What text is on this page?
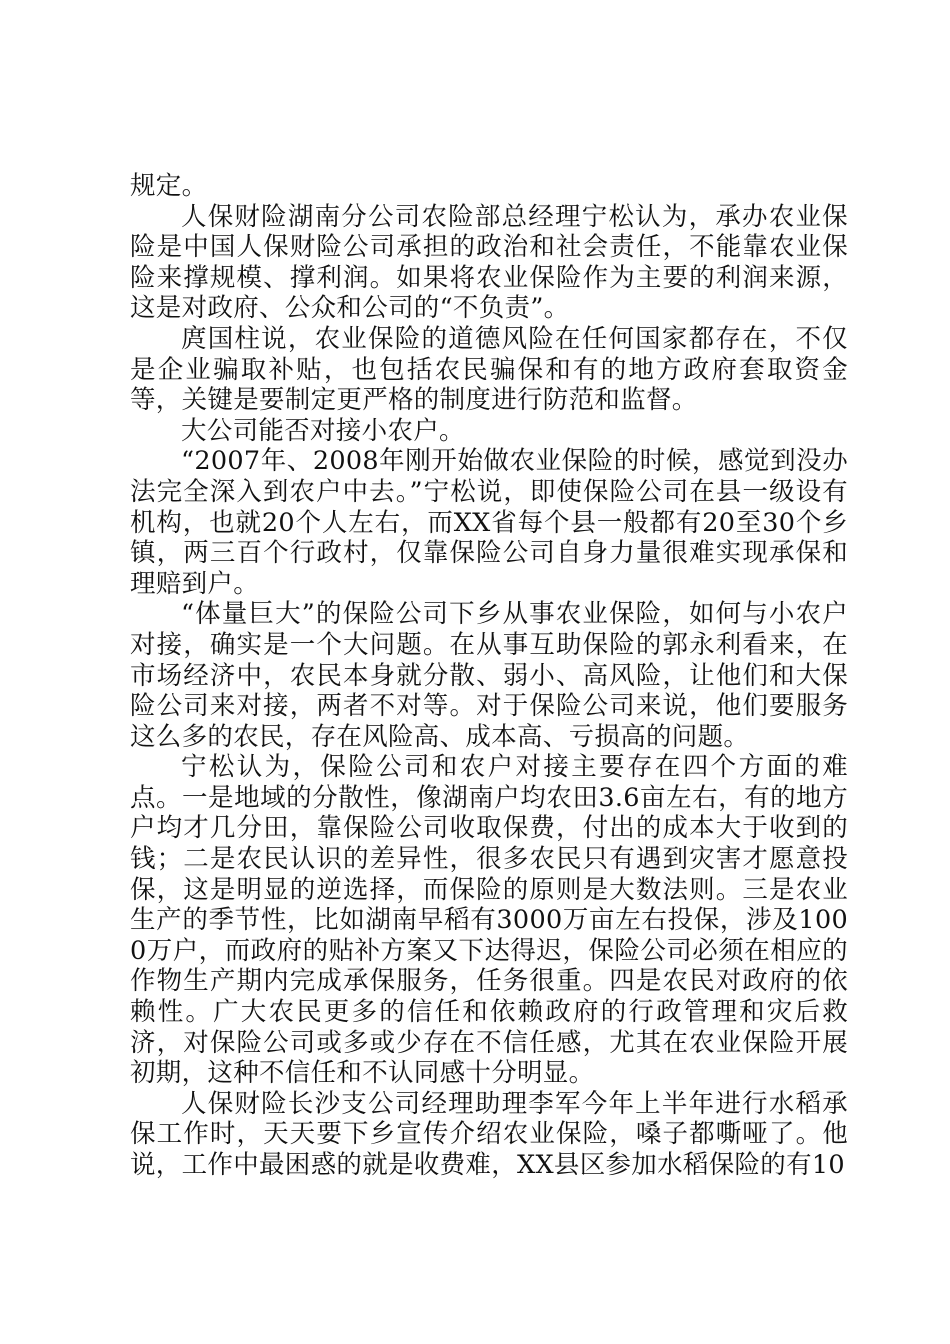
规定。

人保财险湖南分公司农险部总经理宁松认为，承办农业保险是中国人保财险公司承担的政治和社会责任，不能靠农业保险来撑规模、撑利润。如果将农业保险作为主要的利润来源，这是对政府、公众和公司的“不负责”。

庹国柱说，农业保险的道德风险在任何国家都存在，不仅是企业骗取补贴，也包括农民骗保和有的地方政府套取资金等，关键是要制定更严格的制度进行防范和监督。

大公司能否对接小农户。

“2007年、2008年刚开始做农业保险的时候，感觉到没办法完全深入到农户中去。”宁松说，即使保险公司在县一级设有机构，也就20个人左右，而XX省每个县一般都有20至30个乡镇，两三百个行政村，仅靠保险公司自身力量很难实现承保和理赔到户。

“体量巨大”的保险公司下乡从事农业保险，如何与小农户对接，确实是一个大问题。在从事互助保险的郭永利看来，在市场经济中，农民本身就分散、弱小、高风险，让他们和大保险公司来对接，两者不对等。对于保险公司来说，他们要服务这么多的农民，存在风险高、成本高、亏损高的问题。

宁松认为，保险公司和农户对接主要存在四个方面的难点。一是地域的分散性，像湖南户均农田3.6亩左右，有的地方户均才几分田，靠保险公司收取保费，付出的成本大于收到的钱；二是农民认识的差异性，很多农民只有遇到灾害才愿意投保，这是明显的逆选择，而保险的原则是大数法则。三是农业生产的季节性，比如湖南早稻有3000万亩左右投保，涉及1000万户，而政府的贴补方案又下达得迟，保险公司必须在相应的作物生产期内完成承保服务，任务很重。四是农民对政府的依赖性。广大农民更多的信任和依赖政府的行政管理和灾后救济，对保险公司或多或少存在不信任感，尤其在农业保险开展初期，这种不信任和不认同感十分明显。

人保财险长沙支公司经理助理李军今年上半年进行水稻承保工作时，天天要下乡宣传介绍农业保险，嗓子都嘶哑了。他说，工作中最困惑的就是收费难，XX县区参加水稻保险的有10
